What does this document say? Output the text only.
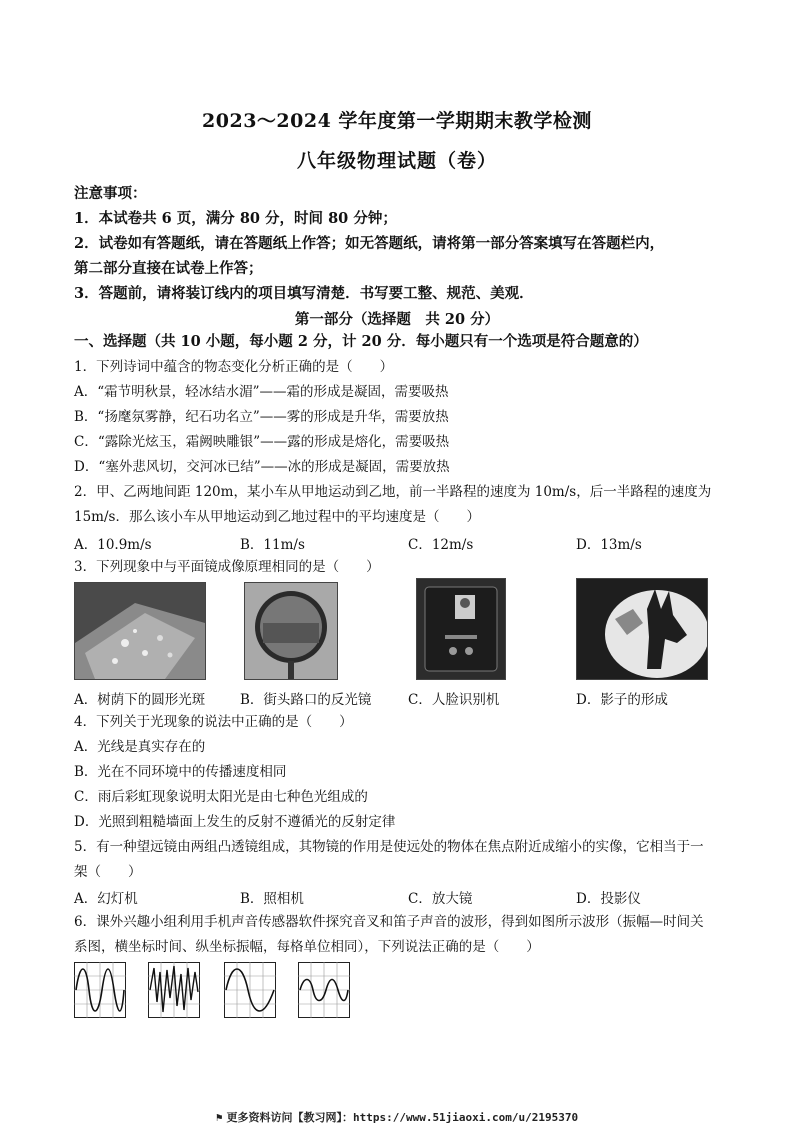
2023～2024 学年度第一学期期末教学检测
八年级物理试题（卷）
注意事项：
1．本试卷共 6 页，满分 80 分，时间 80 分钟；
2．试卷如有答题纸，请在答题纸上作答；如无答题纸，请将第一部分答案填写在答题栏内，
第二部分直接在试卷上作答；
3．答题前，请将装订线内的项目填写清楚．书写要工整、规范、美观．
第一部分（选择题　共 20 分）
一、选择题（共 10 小题，每小题 2 分，计 20 分．每小题只有一个选项是符合题意的）
1．下列诗词中蕴含的物态变化分析正确的是（　　）
A．“霜节明秋景，轻冰结水湄”——霜的形成是凝固，需要吸热
B．“扬麾氛雾静，纪石功名立”——雾的形成是升华，需要放热
C．“露除光炫玉，霜阙映雕银”——露的形成是熔化，需要吸热
D．“塞外悲风切，交河冰已结”——冰的形成是凝固，需要放热
2．甲、乙两地间距 120m，某小车从甲地运动到乙地，前一半路程的速度为 10m/s，后一半路程的速度为
15m/s．那么该小车从甲地运动到乙地过程中的平均速度是（　　）
A．10.9m/s	B．11m/s	C．12m/s	D．13m/s
3．下列现象中与平面镜成像原理相同的是（　　）
A．树荫下的圆形光斑	B．街头路口的反光镜	C．人脸识别机	D．影子的形成
4．下列关于光现象的说法中正确的是（　　）
A．光线是真实存在的
B．光在不同环境中的传播速度相同
C．雨后彩虹现象说明太阳光是由七种色光组成的
D．光照到粗糙墙面上发生的反射不遵循光的反射定律
5．有一种望远镜由两组凸透镜组成，其物镜的作用是使远处的物体在焦点附近成缩小的实像，它相当于一
架（　　）
A．幻灯机	B．照相机	C．放大镜	D．投影仪
6．课外兴趣小组利用手机声音传感器软件探究音叉和笛子声音的波形，得到如图所示波形（振幅—时间关
系图，横坐标时间、纵坐标振幅，每格单位相同），下列说法正确的是（　　）
⚑ 更多资料访问【教习网】：https://www.51jiaoxi.com/u/2195370
